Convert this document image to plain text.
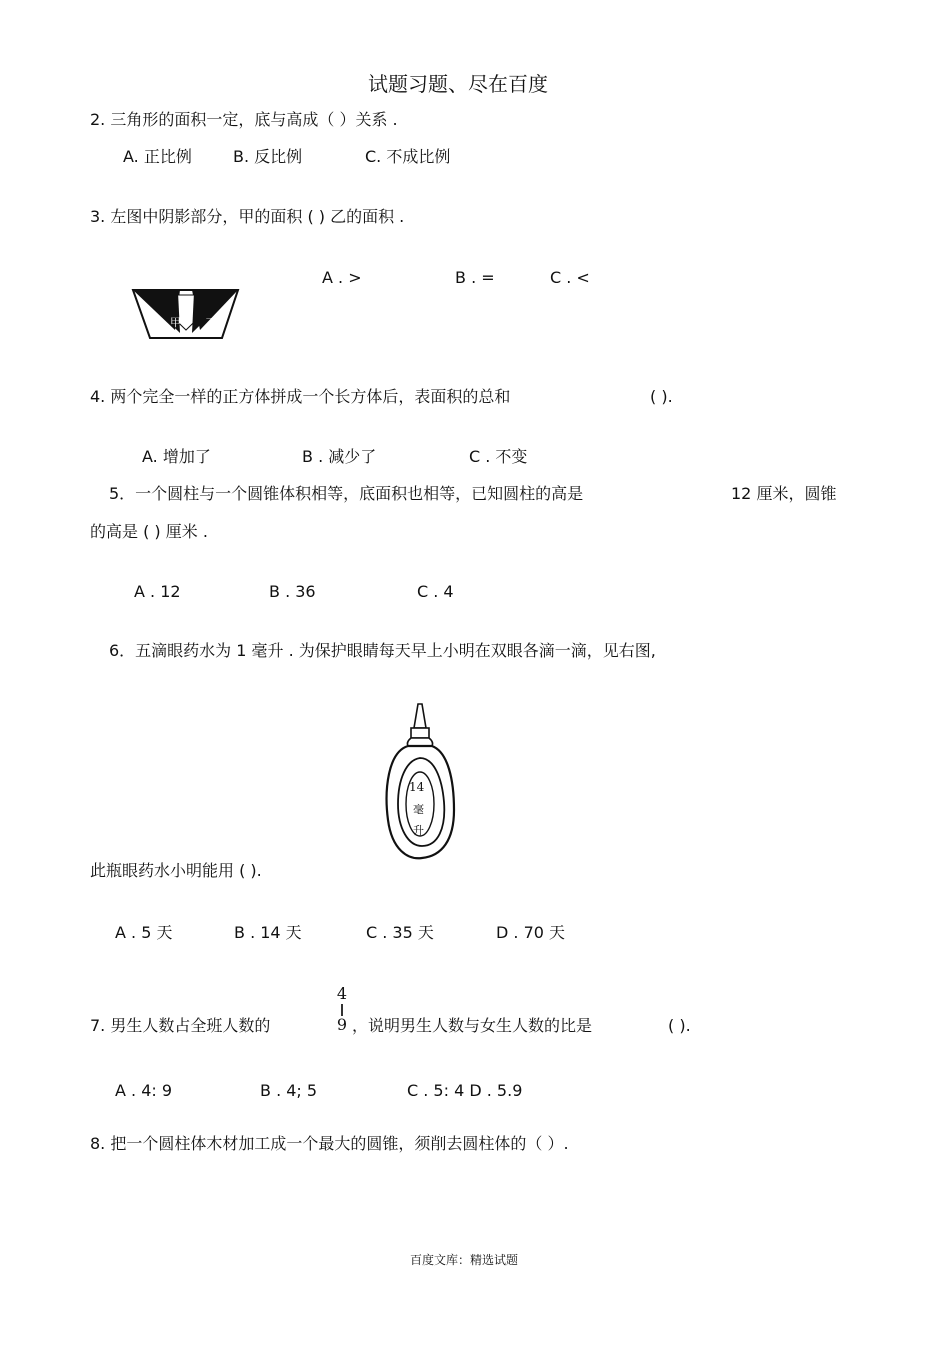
试题习题、尽在百度
2. 三角形的面积一定，底与高成（ ）关系 .
A. 正比例	B. 反比例	C. 不成比例
3. 左图中阴影部分，甲的面积 ( ) 乙的面积 .
A . >	B . =	C . <
甲 乙
4. 两个完全一样的正方体拼成一个长方体后，表面积的总和	( ).
A. 增加了	B . 减少了	C . 不变
5．一个圆柱与一个圆锥体积相等，底面积也相等，已知圆柱的高是	12 厘米，圆锥
的高是 ( ) 厘米 .
A . 12	B . 36	C . 4
6．五滴眼药水为 1 毫升 . 为保护眼睛每天早上小明在双眼各滴一滴，见右图,
14
毫
升
此瓶眼药水小明能用 ( ).
A . 5 天	B . 14 天	C . 35 天	D . 70 天
4
9
7. 男生人数占全班人数的	，说明男生人数与女生人数的比是	( ).
A . 4: 9	B . 4; 5	C . 5: 4 D . 5.9
8. 把一个圆柱体木材加工成一个最大的圆锥，须削去圆柱体的（ ）.
百度文库：精选试题
